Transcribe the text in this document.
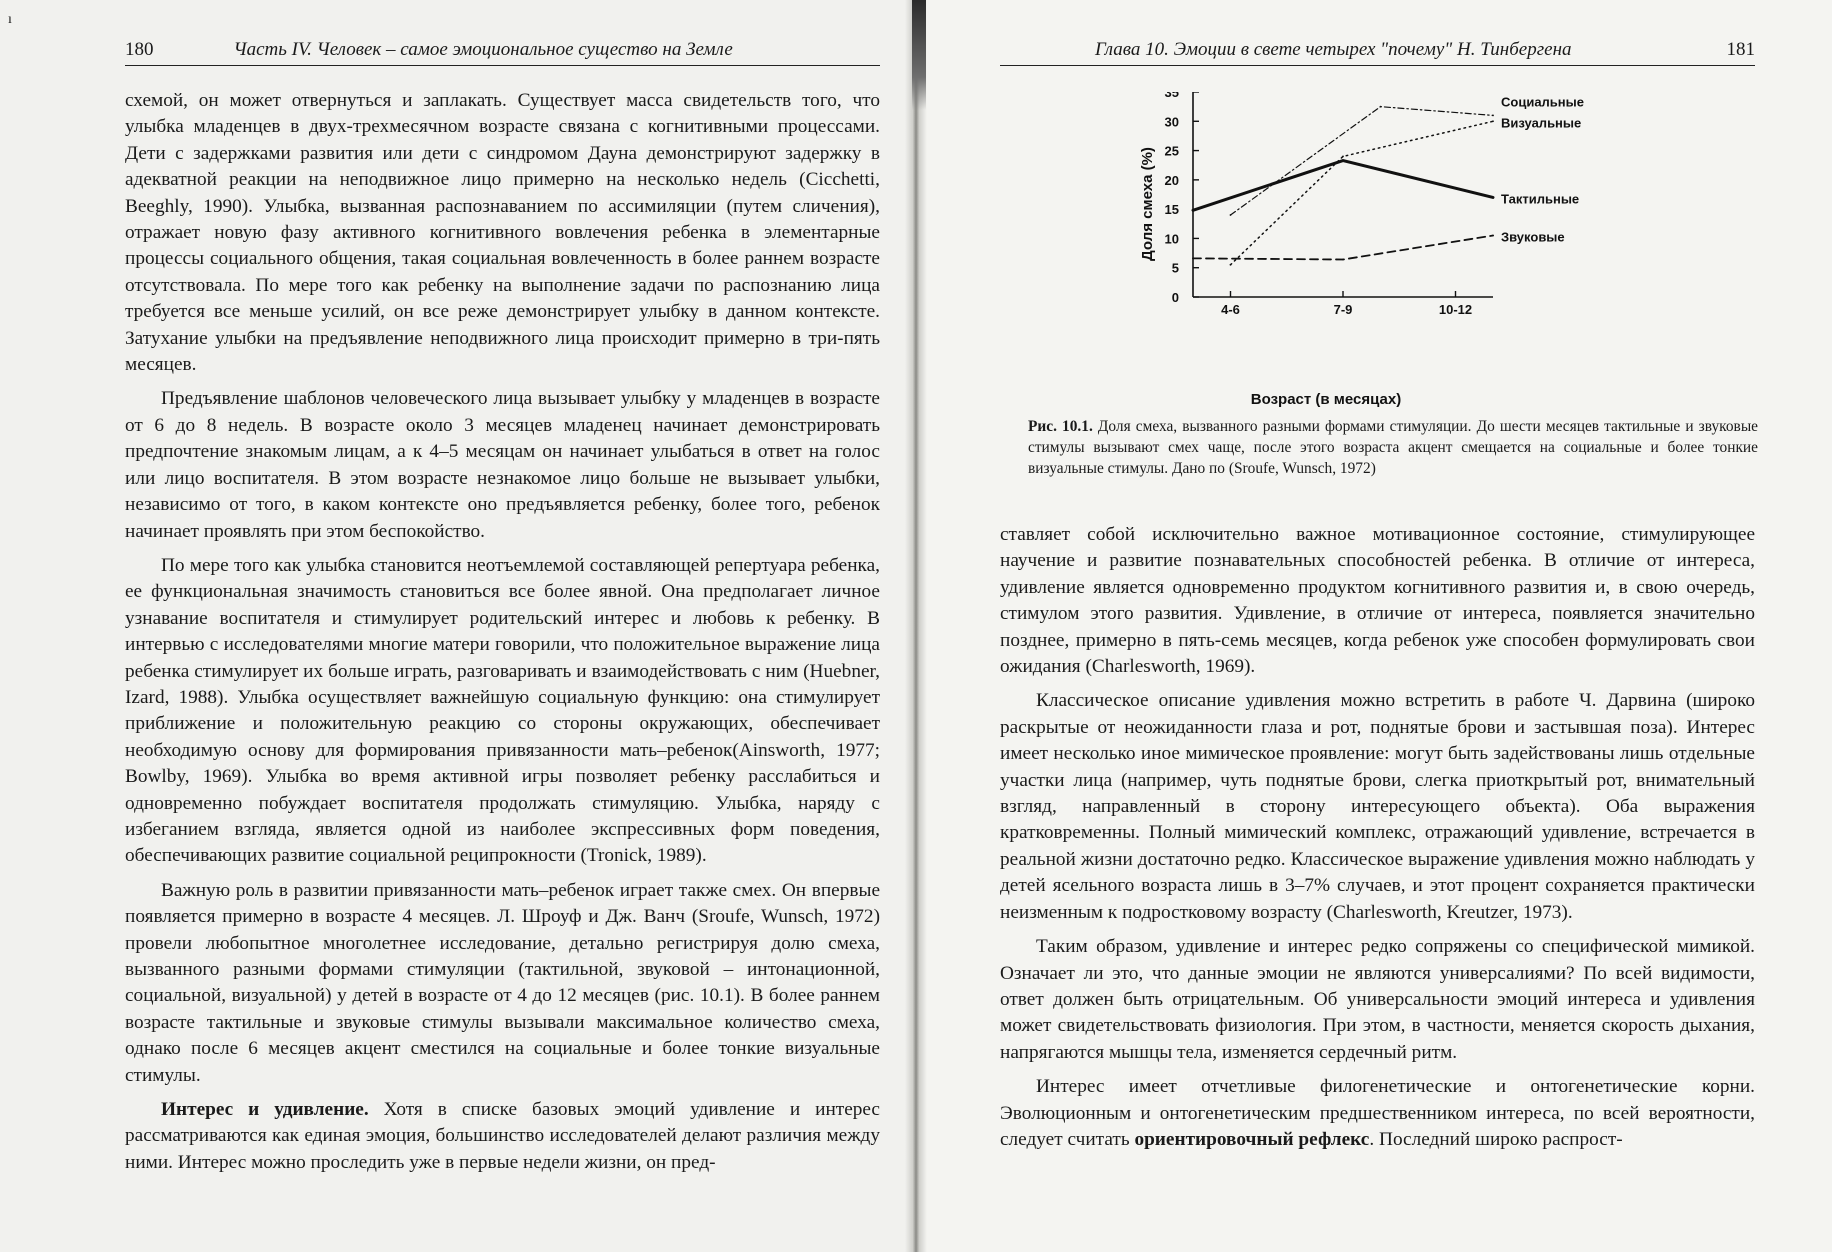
ı
180	Часть IV. Человек – самое эмоциональное существо на Земле	Глава 10. Эмоции в свете четырех "почему" Н. Тинбергена	181

схемой, он может отвернуться и заплакать. Существует масса свидетельств того, что улыбка младенцев в двух-трехмесячном возрасте связана с когнитивными процессами. Дети с задержками развития или дети с синдромом Дауна демонстрируют задержку в адекватной реакции на неподвижное лицо примерно на несколько недель (Cicchetti, Beeghly, 1990). Улыбка, вызванная распознаванием по ассимиляции (путем сличения), отражает новую фазу активного когнитивного вовлечения ребенка в элементарные процессы социального общения, такая социальная вовлеченность в более раннем возрасте отсутствовала. По мере того как ребенку на выполнение задачи по распознанию лица требуется все меньше усилий, он все реже демонстрирует улыбку в данном контексте. Затухание улыбки на предъявление неподвижного лица происходит примерно в три-пять месяцев.

Предъявление шаблонов человеческого лица вызывает улыбку у младенцев в возрасте от 6 до 8 недель. В возрасте около 3 месяцев младенец начинает демонстрировать предпочтение знакомым лицам, а к 4–5 месяцам он начинает улыбаться в ответ на голос или лицо воспитателя. В этом возрасте незнакомое лицо больше не вызывает улыбки, независимо от того, в каком контексте оно предъявляется ребенку, более того, ребенок начинает проявлять при этом беспокойство.

По мере того как улыбка становится неотъемлемой составляющей репертуара ребенка, ее функциональная значимость становиться все более явной. Она предполагает личное узнавание воспитателя и стимулирует родительский интерес и любовь к ребенку. В интервью с исследователями многие матери говорили, что положительное выражение лица ребенка стимулирует их больше играть, разговаривать и взаимодействовать с ним (Huebner, Izard, 1988). Улыбка осуществляет важнейшую социальную функцию: она стимулирует приближение и положительную реакцию со стороны окружающих, обеспечивает необходимую основу для формирования привязанности мать–ребенок(Ainsworth, 1977; Bowlby, 1969). Улыбка во время активной игры позволяет ребенку расслабиться и одновременно побуждает воспитателя продолжать стимуляцию. Улыбка, наряду с избеганием взгляда, является одной из наиболее экспрессивных форм поведения, обеспечивающих развитие социальной реципрокности (Tronick, 1989).

Важную роль в развитии привязанности мать–ребенок играет также смех. Он впервые появляется примерно в возрасте 4 месяцев. Л. Шроуф и Дж. Ванч (Sroufe, Wunsch, 1972) провели любопытное многолетнее исследование, детально регистрируя долю смеха, вызванного разными формами стимуляции (тактильной, звуковой – интонационной, социальной, визуальной) у детей в возрасте от 4 до 12 месяцев (рис. 10.1). В более раннем возрасте тактильные и звуковые стимулы вызывали максимальное количество смеха, однако после 6 месяцев акцент сместился на социальные и более тонкие визуальные стимулы.

Интерес и удивление. Хотя в списке базовых эмоций удивление и интерес рассматриваются как единая эмоция, большинство исследователей делают различия между ними. Интерес можно проследить уже в первые недели жизни, он пред-

Доля смеха (%)
Возраст (в месяцах)
0
5
10
15
20
25
30
35
4-6	7-9	10-12
Социальные
Визуальные
Тактильные
Звуковые
Рис. 10.1. Доля смеха, вызванного разными формами стимуляции. До шести месяцев тактильные и звуковые стимулы вызывают смех чаще, после этого возраста акцент смещается на социальные и более тонкие визуальные стимулы. Дано по (Sroufe, Wunsch, 1972)

ставляет собой исключительно важное мотивационное состояние, стимулирующее научение и развитие познавательных способностей ребенка. В отличие от интереса, удивление является одновременно продуктом когнитивного развития и, в свою очередь, стимулом этого развития. Удивление, в отличие от интереса, появляется значительно позднее, примерно в пять-семь месяцев, когда ребенок уже способен формулировать свои ожидания (Charlesworth, 1969).

Классическое описание удивления можно встретить в работе Ч. Дарвина (широко раскрытые от неожиданности глаза и рот, поднятые брови и застывшая поза). Интерес имеет несколько иное мимическое проявление: могут быть задействованы лишь отдельные участки лица (например, чуть поднятые брови, слегка приоткрытый рот, внимательный взгляд, направленный в сторону интересующего объекта). Оба выражения кратковременны. Полный мимический комплекс, отражающий удивление, встречается в реальной жизни достаточно редко. Классическое выражение удивления можно наблюдать у детей ясельного возраста лишь в 3–7% случаев, и этот процент сохраняется практически неизменным к подростковому возрасту (Charlesworth, Kreutzer, 1973).

Таким образом, удивление и интерес редко сопряжены со специфической мимикой. Означает ли это, что данные эмоции не являются универсалиями? По всей видимости, ответ должен быть отрицательным. Об универсальности эмоций интереса и удивления может свидетельствовать физиология. При этом, в частности, меняется скорость дыхания, напрягаются мышцы тела, изменяется сердечный ритм.

Интерес имеет отчетливые филогенетические и онтогенетические корни. Эволюционным и онтогенетическим предшественником интереса, по всей вероятности, следует считать ориентировочный рефлекс. Последний широко распрост-
